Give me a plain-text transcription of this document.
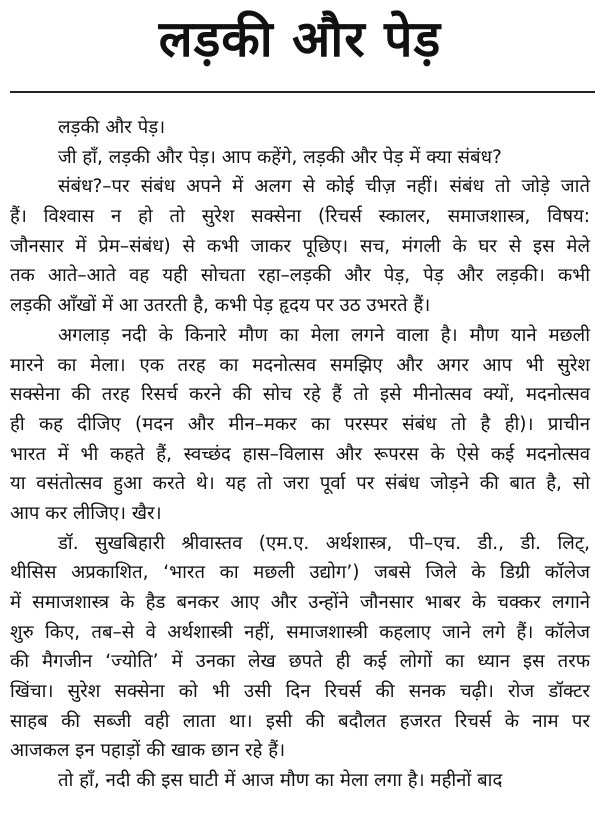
लड़की और पेड़
लड़की और पेड़।
जी हाँ, लड़की और पेड़। आप कहेंगे, लड़की और पेड़ में क्या संबंध?
संबंध?–पर संबंध अपने में अलग से कोई चीज़ नहीं। संबंध तो जोड़े जाते
हैं। विश्वास न हो तो सुरेश सक्सेना (रिचर्स स्कालर, समाजशास्त्र, विषय:
जौनसार में प्रेम–संबंध) से कभी जाकर पूछिए। सच, मंगली के घर से इस मेले
तक आते–आते वह यही सोचता रहा–लड़की और पेड़, पेड़ और लड़की। कभी
लड़की आँखों में आ उतरती है, कभी पेड़ हृदय पर उठ उभरते हैं।
अगलाड़ नदी के किनारे मौण का मेला लगने वाला है। मौण याने मछली
मारने का मेला। एक तरह का मदनोत्सव समझिए और अगर आप भी सुरेश
सक्सेना की तरह रिसर्च करने की सोच रहे हैं तो इसे मीनोत्सव क्यों, मदनोत्सव
ही कह दीजिए (मदन और मीन–मकर का परस्पर संबंध तो है ही)। प्राचीन
भारत में भी कहते हैं, स्वच्छंद हास–विलास और रूपरस के ऐसे कई मदनोत्सव
या वसंतोत्सव हुआ करते थे। यह तो जरा पूर्वा पर संबंध जोड़ने की बात है, सो
आप कर लीजिए। खैर।
डॉ. सुखबिहारी श्रीवास्तव (एम.ए. अर्थशास्त्र, पी–एच. डी., डी. लिट्,
थीसिस अप्रकाशित, ‘भारत का मछली उद्योग’) जबसे जिले के डिग्री कॉलेज
में समाजशास्त्र के हैड बनकर आए और उन्होंने जौनसार भाबर के चक्कर लगाने
शुरु किए, तब–से वे अर्थशास्त्री नहीं, समाजशास्त्री कहलाए जाने लगे हैं। कॉलेज
की मैगजीन ‘ज्योति’ में उनका लेख छपते ही कई लोगों का ध्यान इस तरफ
खिंचा। सुरेश सक्सेना को भी उसी दिन रिचर्स की सनक चढ़ी। रोज डॉक्टर
साहब की सब्जी वही लाता था। इसी की बदौलत हजरत रिचर्स के नाम पर
आजकल इन पहाड़ों की खाक छान रहे हैं।
तो हाँ, नदी की इस घाटी में आज मौण का मेला लगा है। महीनों बाद
